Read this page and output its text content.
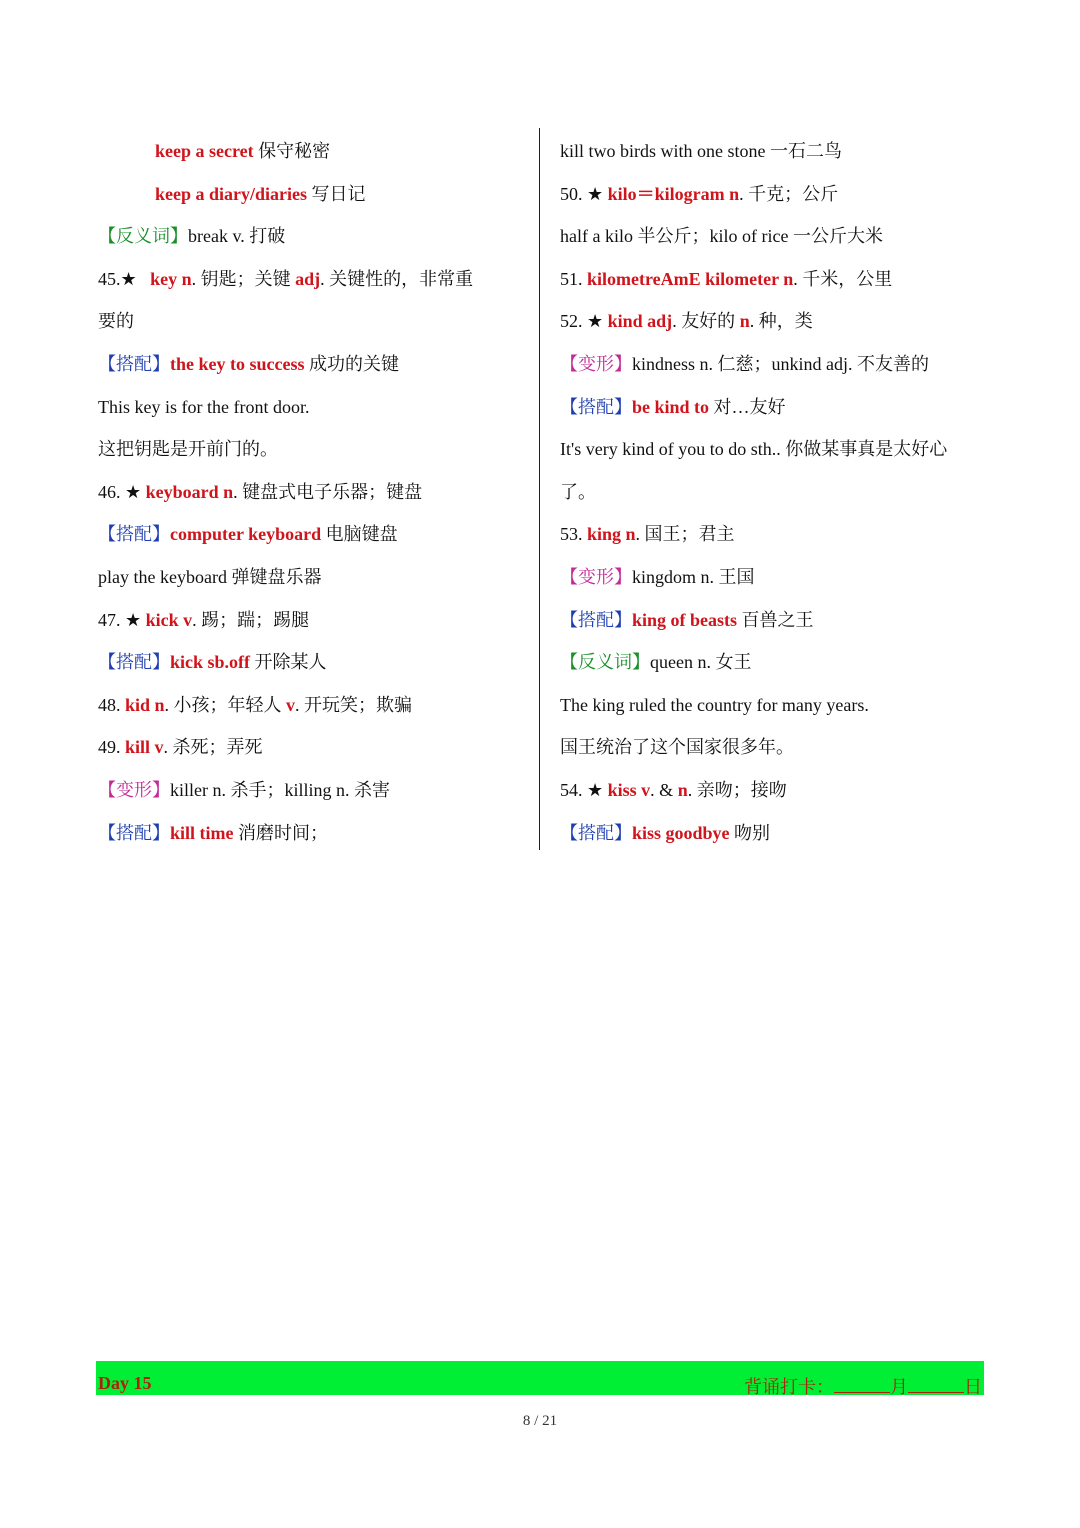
keep a secret 保守秘密
keep a diary/diaries 写日记
【反义词】break v. 打破
45.★ key n. 钥匙；关键 adj. 关键性的，非常重
要的
【搭配】the key to success 成功的关键
This key is for the front door.
这把钥匙是开前门的。
46. ★ keyboard n. 键盘式电子乐器；键盘
【搭配】computer keyboard 电脑键盘
play the keyboard 弹键盘乐器
47. ★ kick v. 踢；踹；踢腿
【搭配】kick sb.off 开除某人
48. kid n. 小孩；年轻人 v. 开玩笑；欺骗
49. kill v. 杀死；弄死
【变形】killer n. 杀手；killing n. 杀害
【搭配】kill time 消磨时间；
kill two birds with one stone 一石二鸟
50. ★ kilo＝kilogram n. 千克；公斤
half a kilo 半公斤；kilo of rice 一公斤大米
51. kilometreAmE kilometer n. 千米，公里
52. ★ kind adj. 友好的 n. 种，类
【变形】kindness n. 仁慈；unkind adj. 不友善的
【搭配】be kind to 对…友好
It's very kind of you to do sth.. 你做某事真是太好心
了。
53. king n. 国王；君主
【变形】kingdom n. 王国
【搭配】king of beasts 百兽之王
【反义词】queen n. 女王
The king ruled the country for many years.
国王统治了这个国家很多年。
54. ★ kiss v. & n. 亲吻；接吻
【搭配】kiss goodbye 吻别
Day 15	背诵打卡：	月	日
8 / 21
